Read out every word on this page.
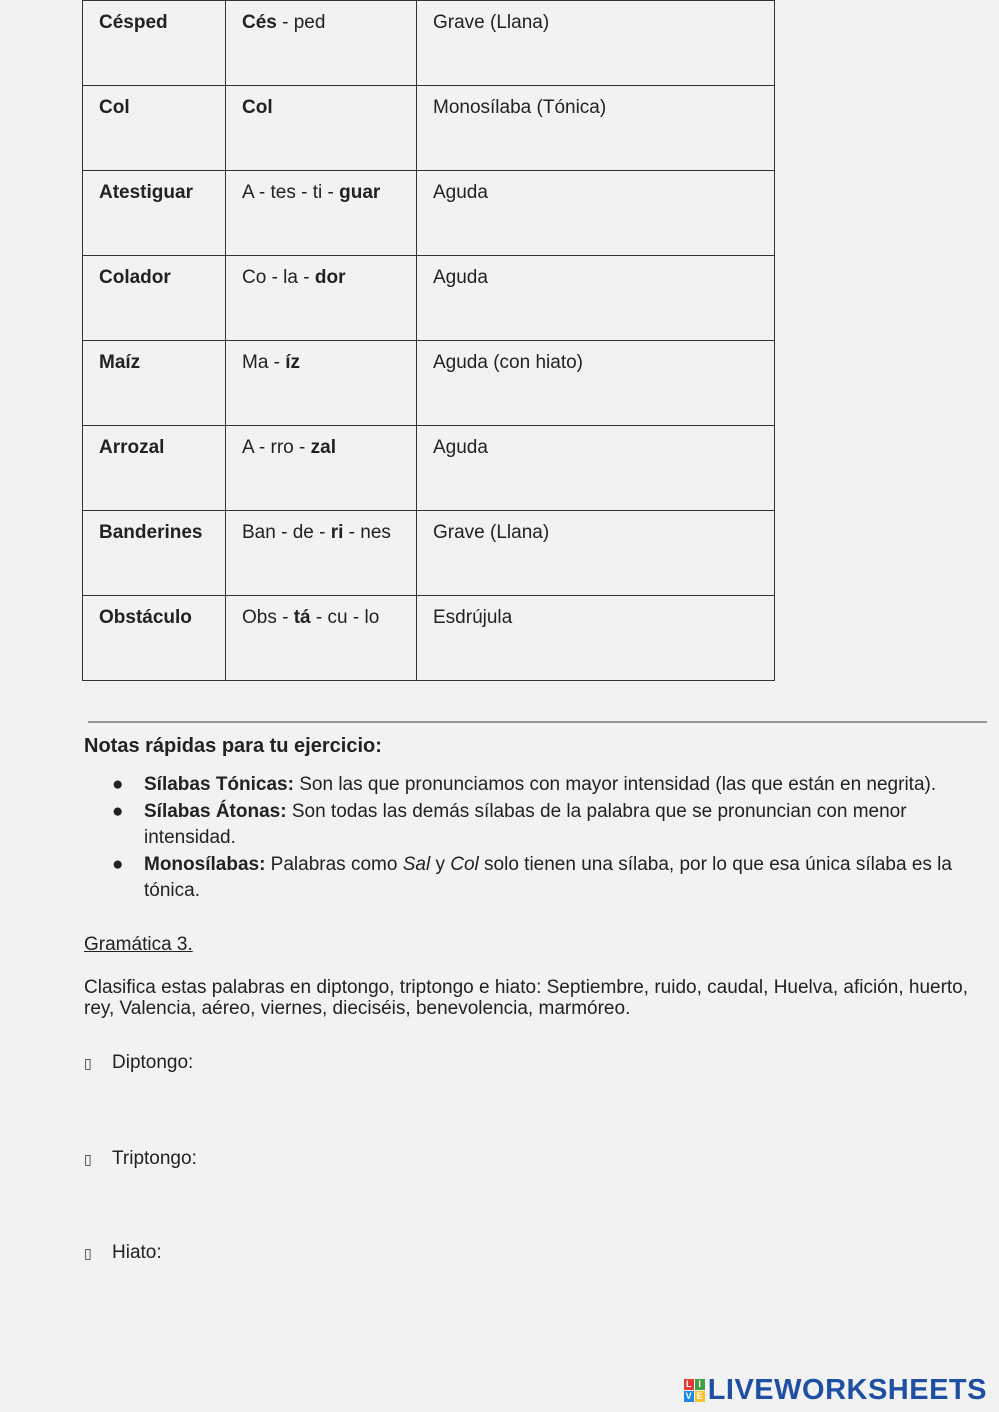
Césped	Cés - ped	Grave (Llana)
Col	Col	Monosílaba (Tónica)
Atestiguar	A - tes - ti - guar	Aguda
Colador	Co - la - dor	Aguda
Maíz	Ma - íz	Aguda (con hiato)
Arrozal	A - rro - zal	Aguda
Banderines	Ban - de - ri - nes	Grave (Llana)
Obstáculo	Obs - tá - cu - lo	Esdrújula
Notas rápidas para tu ejercicio:
● Sílabas Tónicas: Son las que pronunciamos con mayor intensidad (las que están en negrita).
● Sílabas Átonas: Son todas las demás sílabas de la palabra que se pronuncian con menor intensidad.
● Monosílabas: Palabras como Sal y Col solo tienen una sílaba, por lo que esa única sílaba es la tónica.
Gramática 3.
Clasifica estas palabras en diptongo, triptongo e hiato: Septiembre, ruido, caudal, Huelva, afición, huerto, rey, Valencia, aéreo, viernes, dieciséis, benevolencia, marmóreo.
▯ Diptongo:
▯ Triptongo:
▯ Hiato:
L I
V E LIVEWORKSHEETS
